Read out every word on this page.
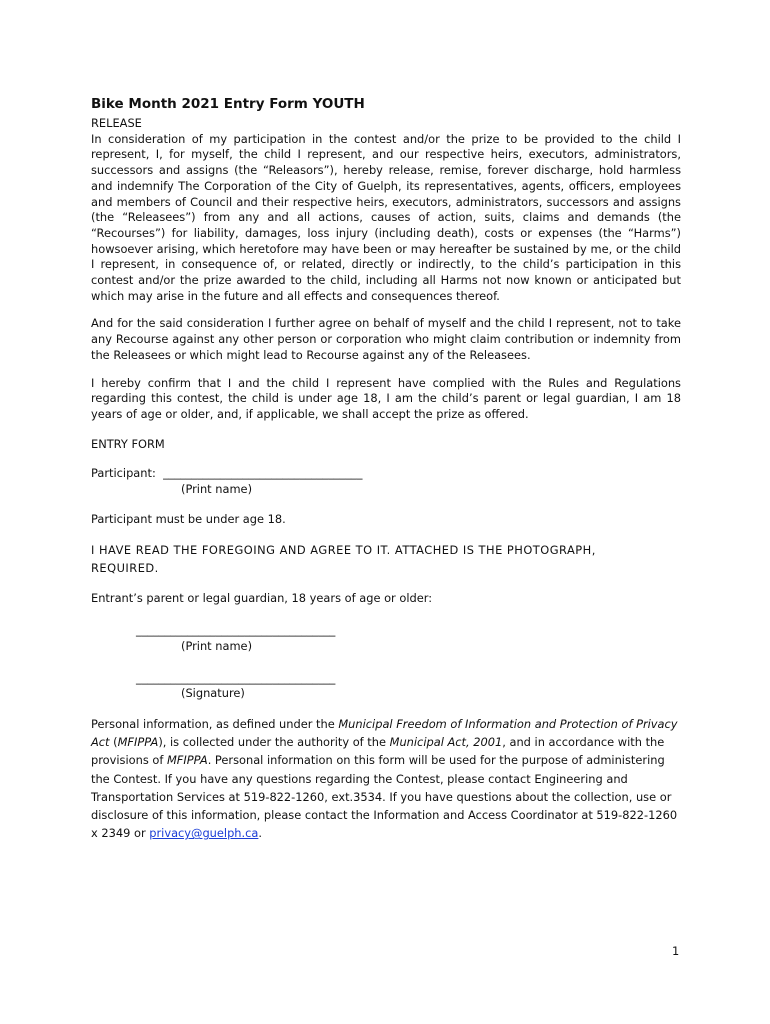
Bike Month 2021 Entry Form YOUTH

RELEASE

In consideration of my participation in the contest and/or the prize to be provided to the child I represent, I, for myself, the child I represent, and our respective heirs, executors, administrators, successors and assigns (the “Releasors”), hereby release, remise, forever discharge, hold harmless and indemnify The Corporation of the City of Guelph, its representatives, agents, officers, employees and members of Council and their respective heirs, executors, administrators, successors and assigns (the “Releasees”) from any and all actions, causes of action, suits, claims and demands (the “Recourses”) for liability, damages, loss injury (including death), costs or expenses (the “Harms”) howsoever arising, which heretofore may have been or may hereafter be sustained by me, or the child I represent, in consequence of, or related, directly or indirectly, to the child’s participation in this contest and/or the prize awarded to the child, including all Harms not now known or anticipated but which may arise in the future and all effects and consequences thereof.

And for the said consideration I further agree on behalf of myself and the child I represent, not to take any Recourse against any other person or corporation who might claim contribution or indemnity from the Releasees or which might lead to Recourse against any of the Releasees.

I hereby confirm that I and the child I represent have complied with the Rules and Regulations regarding this contest, the child is under age 18, I am the child’s parent or legal guardian, I am 18 years of age or older, and, if applicable, we shall accept the prize as offered.

ENTRY FORM

Participant: ___________________________________

(Print name)

Participant must be under age 18.

I HAVE READ THE FOREGOING AND AGREE TO IT. ATTACHED IS THE PHOTOGRAPH,

REQUIRED.

Entrant’s parent or legal guardian, 18 years of age or older:

___________________________________

(Print name)

___________________________________

(Signature)

Personal information, as defined under the Municipal Freedom of Information and Protection of Privacy Act (MFIPPA), is collected under the authority of the Municipal Act, 2001, and in accordance with the provisions of MFIPPA. Personal information on this form will be used for the purpose of administering the Contest. If you have any questions regarding the Contest, please contact Engineering and Transportation Services at 519-822-1260, ext.3534. If you have questions about the collection, use or disclosure of this information, please contact the Information and Access Coordinator at 519-822-1260 x 2349 or privacy@guelph.ca.

1
